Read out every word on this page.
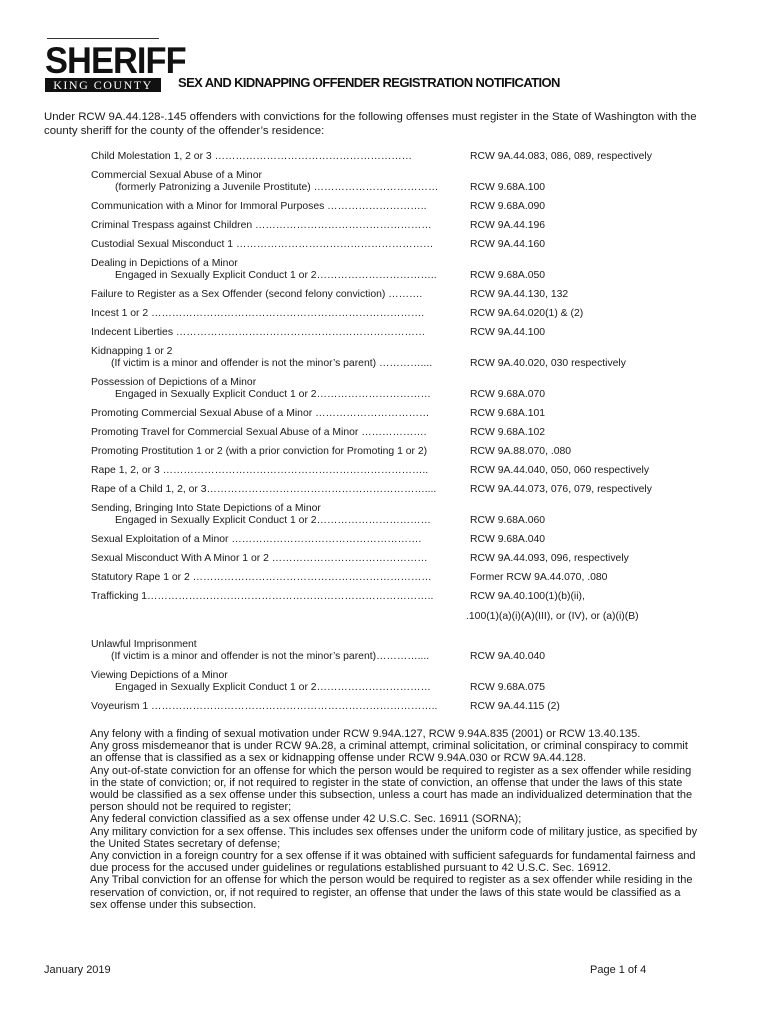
SHERIFF
KING COUNTY	SEX AND KIDNAPPING OFFENDER REGISTRATION NOTIFICATION
Under RCW 9A.44.128-.145 offenders with convictions for the following offenses must register in the State of Washington with the county sheriff for the county of the offender’s residence:
Child Molestation 1, 2 or 3 …………………………………………………	RCW 9A.44.083, 086, 089, respectively
Commercial Sexual Abuse of a Minor
(formerly Patronizing a Juvenile Prostitute) ………………………………	RCW 9.68A.100
Communication with a Minor for Immoral Purposes ………………………..	RCW 9.68A.090
Criminal Trespass against Children ……………………………………………	RCW 9A.44.196
Custodial Sexual Misconduct 1 …………………………………………………	RCW 9A.44.160
Dealing in Depictions of a Minor
Engaged in Sexually Explicit Conduct 1 or 2……………………………..	RCW 9.68A.050
Failure to Register as a Sex Offender (second felony conviction) ……….	RCW 9A.44.130, 132
Incest 1 or 2 …………………………………………………………………….	RCW 9A.64.020(1) & (2)
Indecent Liberties ………………………………………………………………	RCW 9A.44.100
Kidnapping 1 or 2
(If victim is a minor and offender is not the minor’s parent) …………....	RCW 9A.40.020, 030 respectively
Possession of Depictions of a Minor
Engaged in Sexually Explicit Conduct 1 or 2……………………………	RCW 9.68A.070
Promoting Commercial Sexual Abuse of a Minor ……………………………	RCW 9.68A.101
Promoting Travel for Commercial Sexual Abuse of a Minor ……………….	RCW 9.68A.102
Promoting Prostitution 1 or 2 (with a prior conviction for Promoting 1 or 2)	RCW 9A.88.070, .080
Rape 1, 2, or 3 …………………………………………………………………..	RCW 9A.44.040, 050, 060 respectively
Rape of a Child 1, 2, or 3………………………………………………………....	RCW 9A.44.073, 076, 079, respectively
Sending, Bringing Into State Depictions of a Minor
Engaged in Sexually Explicit Conduct 1 or 2……………………………	RCW 9.68A.060
Sexual Exploitation of a Minor ……………………………………………….	RCW 9.68A.040
Sexual Misconduct With A Minor 1 or 2 ………………………………………	RCW 9A.44.093, 096, respectively
Statutory Rape 1 or 2 ……………………………………………………………	Former RCW 9A.44.070, .080
Trafficking 1………………………………………………………………………..	RCW 9A.40.100(1)(b)(ii),
.100(1)(a)(i)(A)(III), or (IV), or (a)(i)(B)
Unlawful Imprisonment
(If victim is a minor and offender is not the minor’s parent)…………....	RCW 9A.40.040
Viewing Depictions of a Minor
Engaged in Sexually Explicit Conduct 1 or 2……………………………	RCW 9.68A.075
Voyeurism 1 ………………………………………………………………………..	RCW 9A.44.115 (2)

Any felony with a finding of sexual motivation under RCW 9.94A.127, RCW 9.94A.835 (2001) or RCW 13.40.135.

Any gross misdemeanor that is under RCW 9A.28, a criminal attempt, criminal solicitation, or criminal conspiracy to commit an offense that is classified as a sex or kidnapping offense under RCW 9.94A.030 or RCW 9A.44.128.

Any out-of-state conviction for an offense for which the person would be required to register as a sex offender while residing in the state of conviction; or, if not required to register in the state of conviction, an offense that under the laws of this state would be classified as a sex offense under this subsection, unless a court has made an individualized determination that the person should not be required to register;

Any federal conviction classified as a sex offense under 42 U.S.C. Sec. 16911 (SORNA);

Any military conviction for a sex offense. This includes sex offenses under the uniform code of military justice, as specified by the United States secretary of defense;

Any conviction in a foreign country for a sex offense if it was obtained with sufficient safeguards for fundamental fairness and due process for the accused under guidelines or regulations established pursuant to 42 U.S.C. Sec. 16912.

Any Tribal conviction for an offense for which the person would be required to register as a sex offender while residing in the reservation of conviction, or, if not required to register, an offense that under the laws of this state would be classified as a sex offense under this subsection.

January 2019	Page 1 of 4
